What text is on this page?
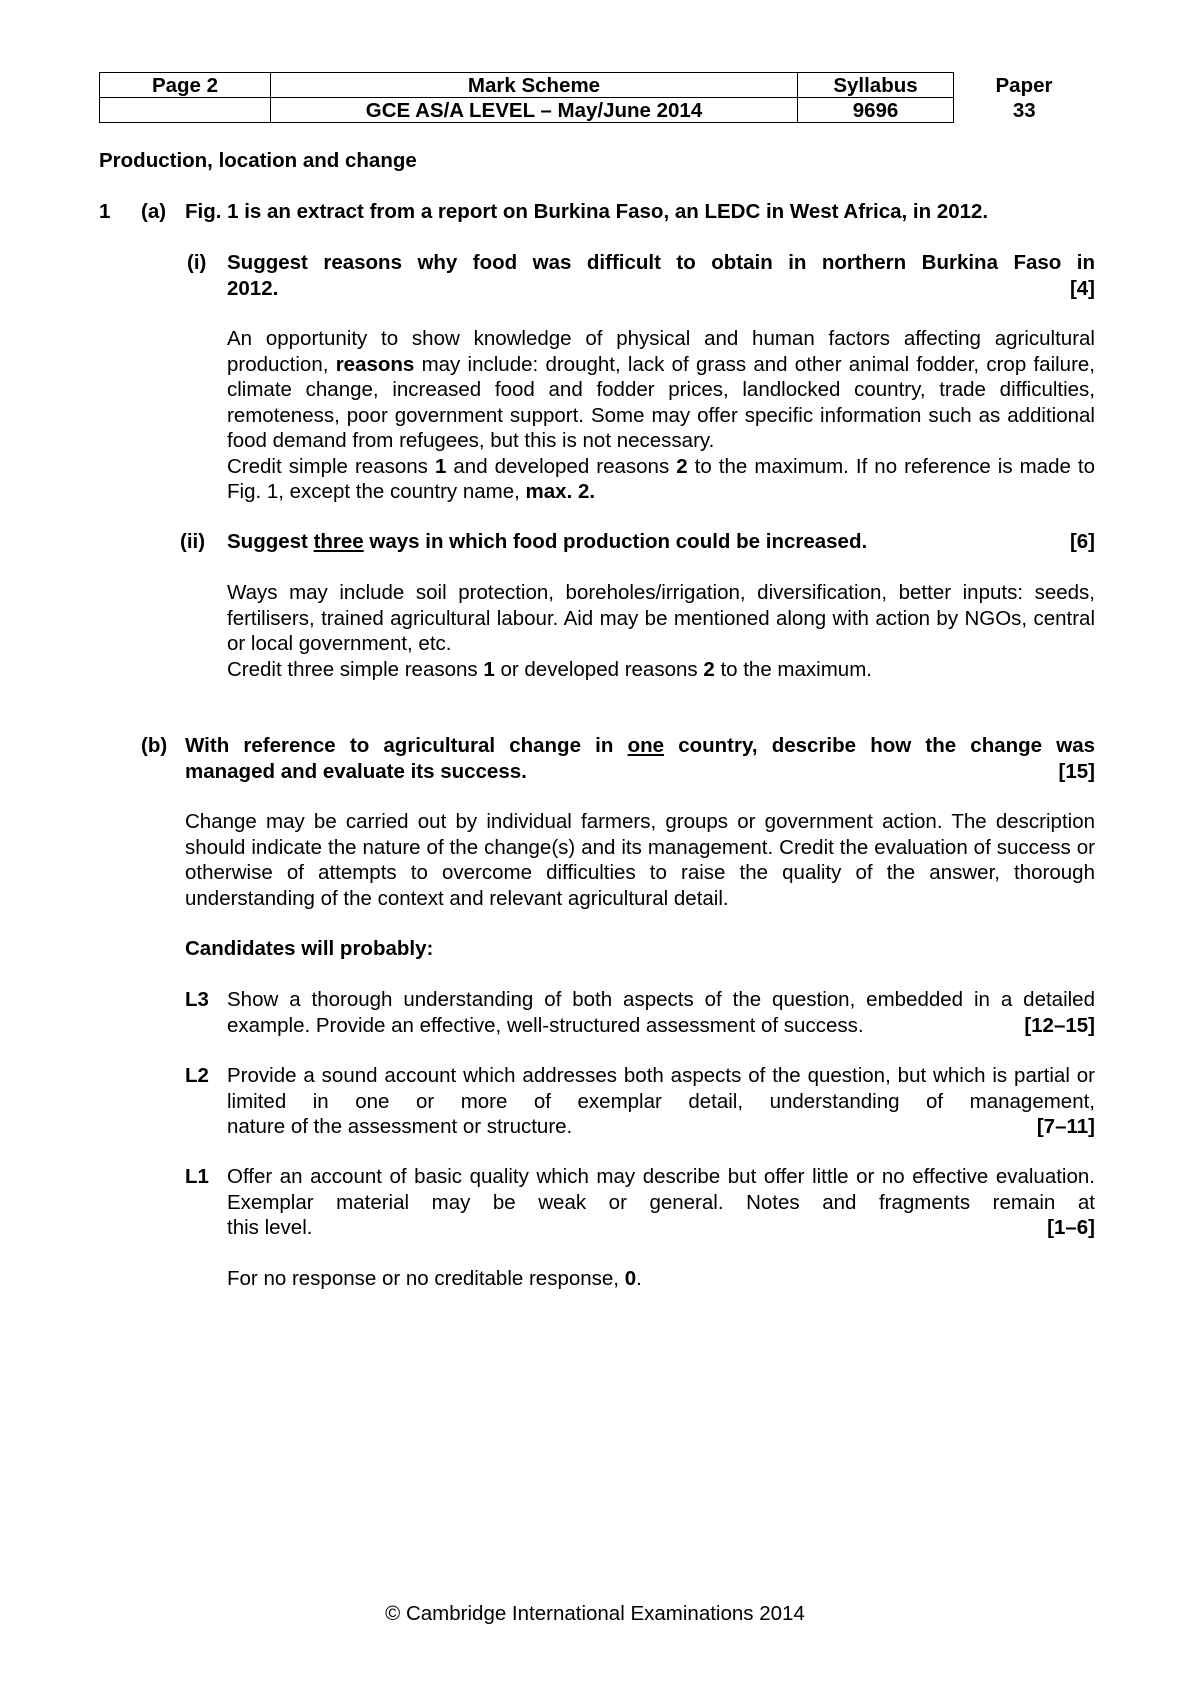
Page 2	Mark Scheme	Syllabus	Paper
	GCE AS/A LEVEL – May/June 2014	9696	33
Production, location and change
1 (a) Fig. 1 is an extract from a report on Burkina Faso, an LEDC in West Africa, in 2012.
(i) Suggest reasons why food was difficult to obtain in northern Burkina Faso in

2012.	[4]

An opportunity to show knowledge of physical and human factors affecting agricultural production, reasons may include: drought, lack of grass and other animal fodder, crop failure, climate change, increased food and fodder prices, landlocked country, trade difficulties, remoteness, poor government support. Some may offer specific information such as additional food demand from refugees, but this is not necessary.

Credit simple reasons 1 and developed reasons 2 to the maximum. If no reference is made to Fig. 1, except the country name, max. 2.

(ii) Suggest three ways in which food production could be increased.	[6]

Ways may include soil protection, boreholes/irrigation, diversification, better inputs: seeds, fertilisers, trained agricultural labour. Aid may be mentioned along with action by NGOs, central or local government, etc.

Credit three simple reasons 1 or developed reasons 2 to the maximum.

(b) With reference to agricultural change in one country, describe how the change was

managed and evaluate its success.	[15]
Change may be carried out by individual farmers, groups or government action. The description should indicate the nature of the change(s) and its management. Credit the evaluation of success or otherwise of attempts to overcome difficulties to raise the quality of the answer, thorough understanding of the context and relevant agricultural detail.
Candidates will probably:
L3 Show a thorough understanding of both aspects of the question, embedded in a detailed

example. Provide an effective, well-structured assessment of success.	[12–15]
L2 Provide a sound account which addresses both aspects of the question, but which is partial or limited in one or more of exemplar detail, understanding of management,

nature of the assessment or structure.	[7–11]
L1 Offer an account of basic quality which may describe but offer little or no effective evaluation. Exemplar material may be weak or general. Notes and fragments remain at

this level.	[1–6]
For no response or no creditable response, 0.
© Cambridge International Examinations 2014
